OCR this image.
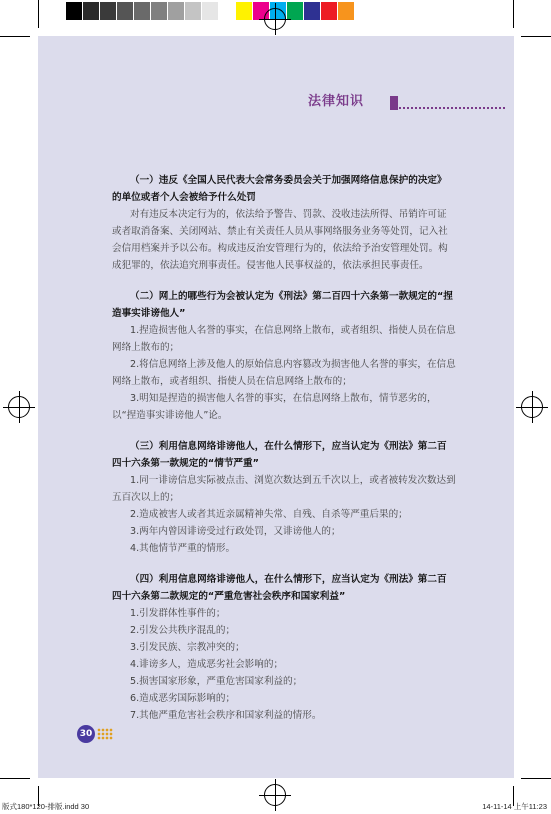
法律知识
（一）违反《全国人民代表大会常务委员会关于加强网络信息保护的决定》的单位或者个人会被给予什么处罚
对有违反本决定行为的，依法给予警告、罚款、没收违法所得、吊销许可证或者取消备案、关闭网站、禁止有关责任人员从事网络服务业务等处罚，记入社会信用档案并予以公布。构成违反治安管理行为的，依法给予治安管理处罚。构成犯罪的，依法追究刑事责任。侵害他人民事权益的，依法承担民事责任。
（二）网上的哪些行为会被认定为《刑法》第二百四十六条第一款规定的“捏造事实诽谤他人”
1.捏造损害他人名誉的事实，在信息网络上散布，或者组织、指使人员在信息网络上散布的；
2.将信息网络上涉及他人的原始信息内容篡改为损害他人名誉的事实，在信息网络上散布，或者组织、指使人员在信息网络上散布的；
3.明知是捏造的损害他人名誉的事实，在信息网络上散布，情节恶劣的，以“捏造事实诽谤他人”论。
（三）利用信息网络诽谤他人，在什么情形下，应当认定为《刑法》第二百四十六条第一款规定的“情节严重”
1.同一诽谤信息实际被点击、浏览次数达到五千次以上，或者被转发次数达到五百次以上的；
2.造成被害人或者其近亲属精神失常、自残、自杀等严重后果的；
3.两年内曾因诽谤受过行政处罚，又诽谤他人的；
4.其他情节严重的情形。
（四）利用信息网络诽谤他人，在什么情形下，应当认定为《刑法》第二百四十六条第二款规定的“严重危害社会秩序和国家利益”
1.引发群体性事件的；
2.引发公共秩序混乱的；
3.引发民族、宗教冲突的；
4.诽谤多人，造成恶劣社会影响的；
5.损害国家形象，严重危害国家利益的；
6.造成恶劣国际影响的；
7.其他严重危害社会秩序和国家利益的情形。
30
版式180*120-排版.indd 30	14-11-14 上午11:23
